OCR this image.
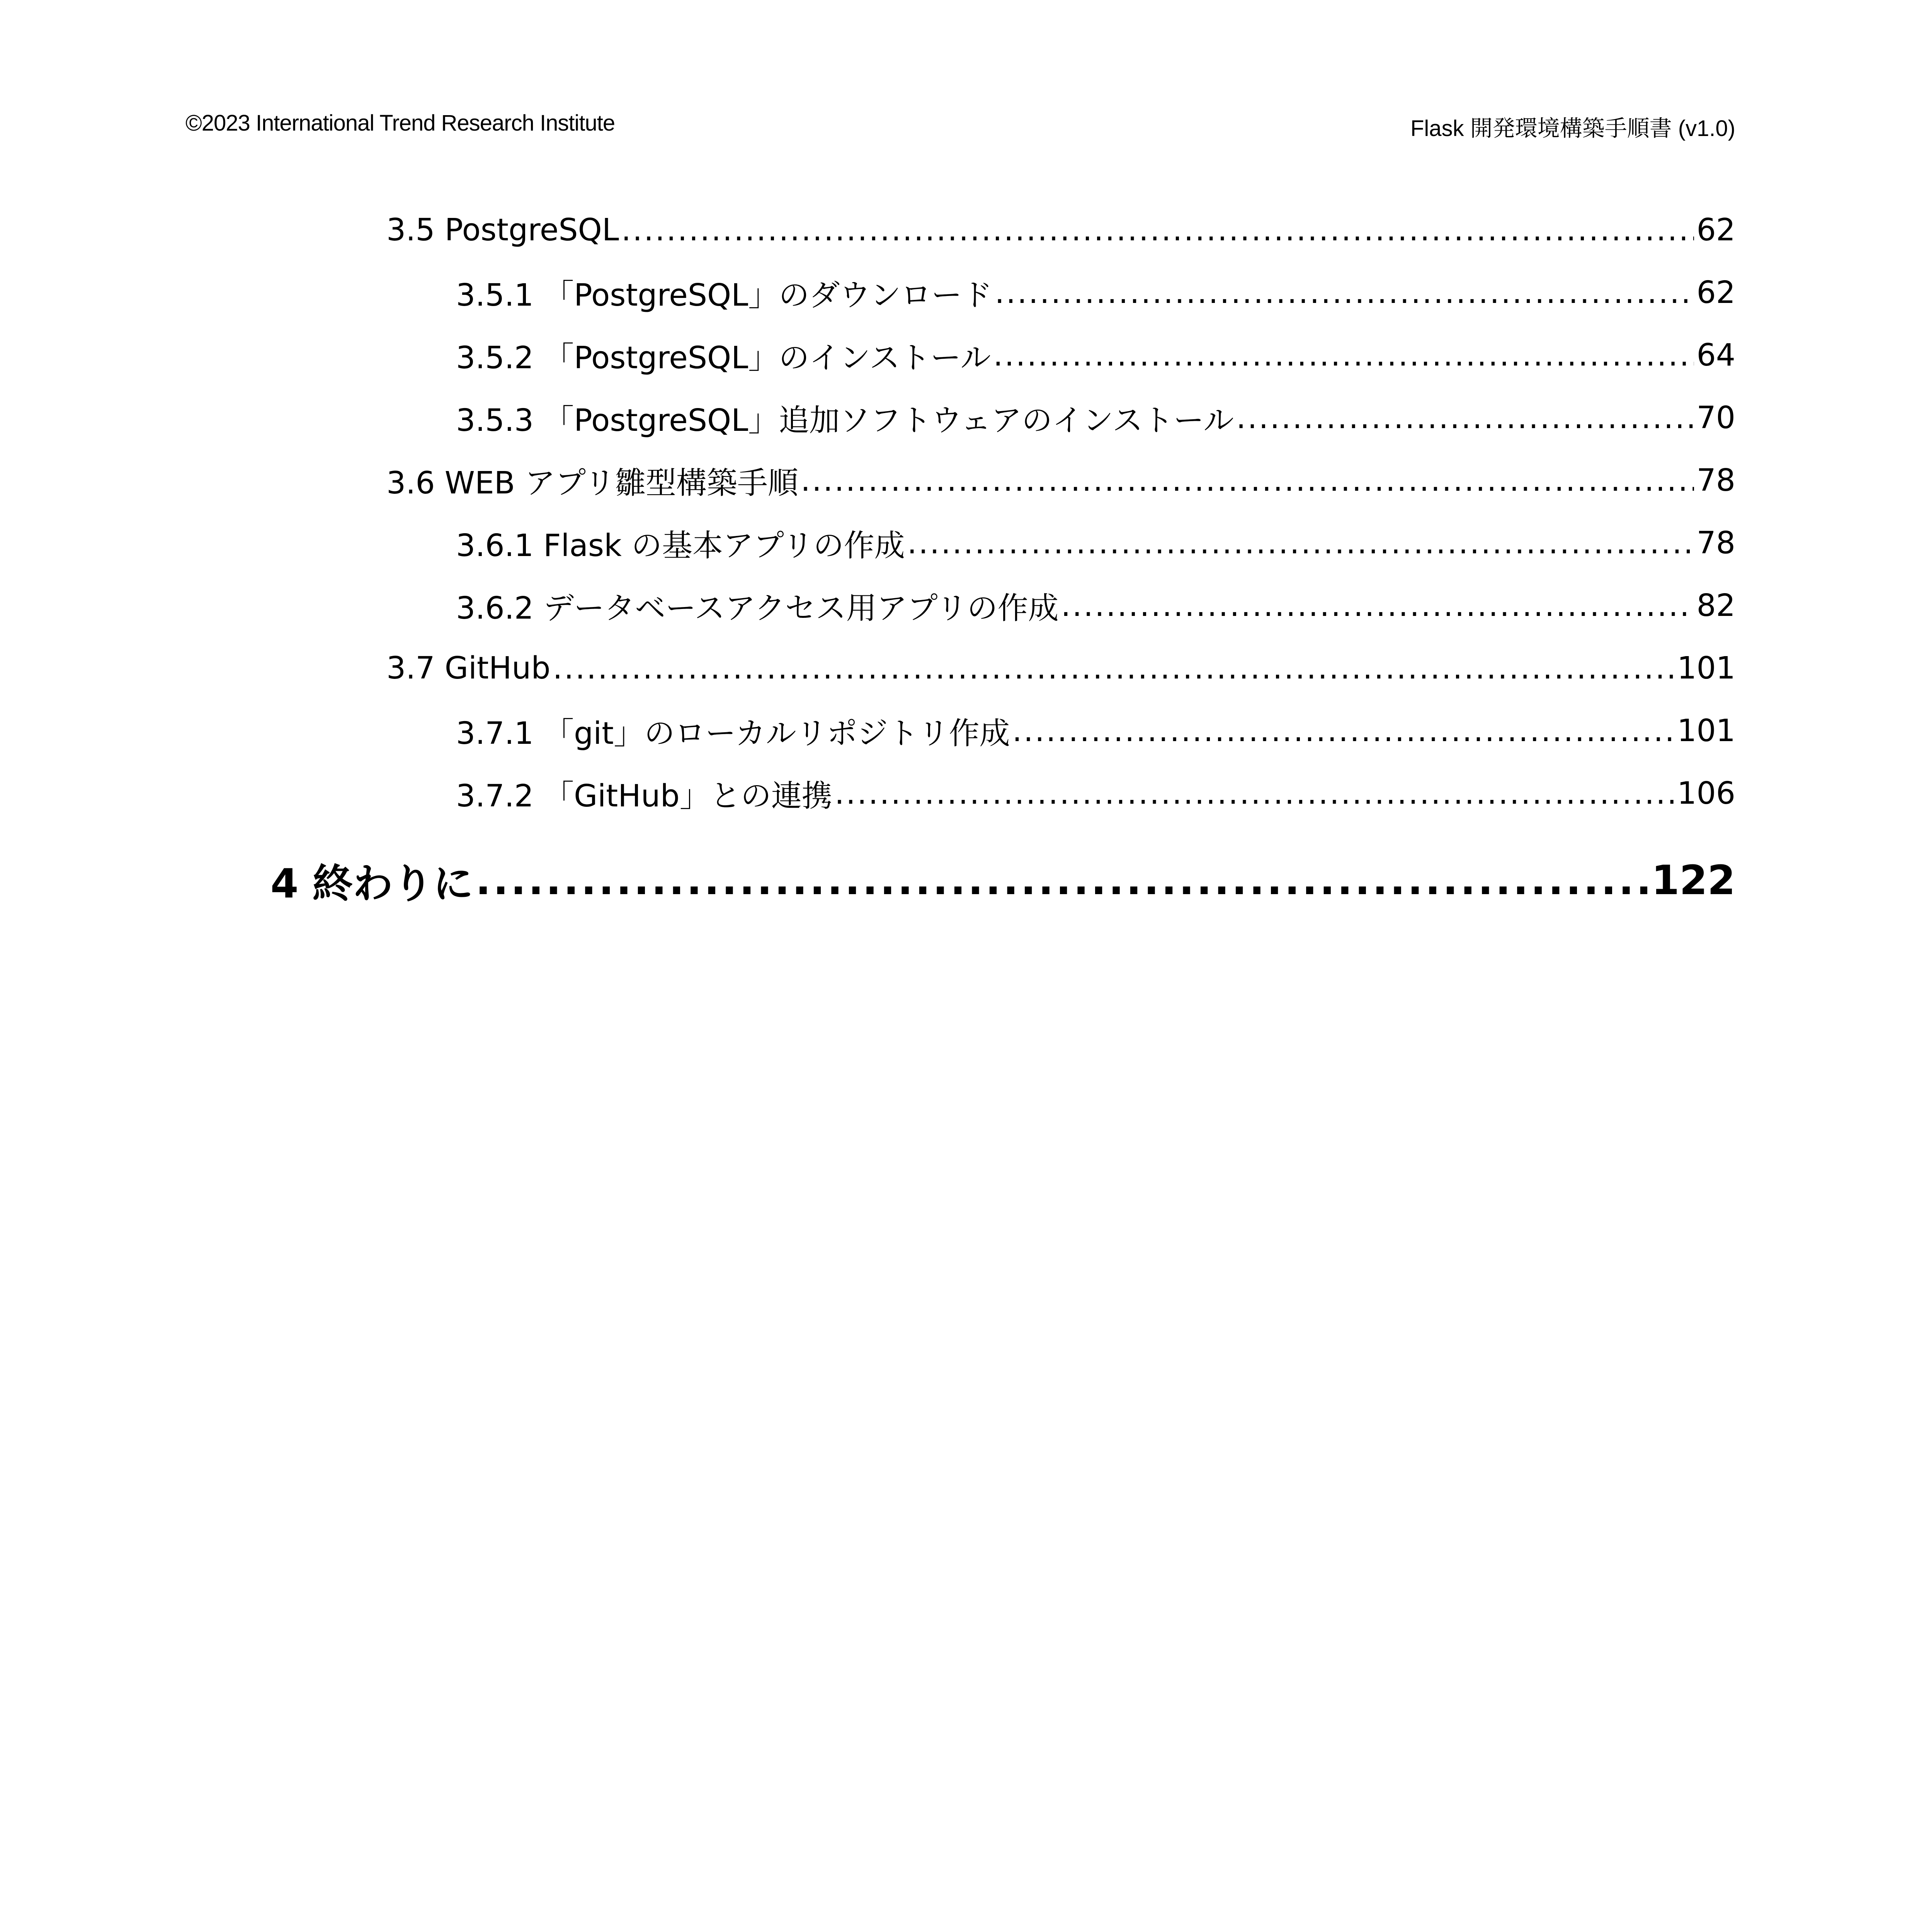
©2023 International Trend Research Institute	Flask 開発環境構築手順書 (v1.0)
3.5 PostgreSQL .....	62
3.5.1 「PostgreSQL」のダウンロード .....	62
3.5.2 「PostgreSQL」のインストール .....	64
3.5.3 「PostgreSQL」追加ソフトウェアのインストール .....	70
3.6 WEB アプリ雛型構築手順 .....	78
3.6.1 Flask の基本アプリの作成 .....	78
3.6.2 データベースアクセス用アプリの作成 .....	82
3.7 GitHub .....	101
3.7.1 「git」のローカルリポジトリ作成 .....	101
3.7.2 「GitHub」との連携 .....	106
4 終わりに .....	122
